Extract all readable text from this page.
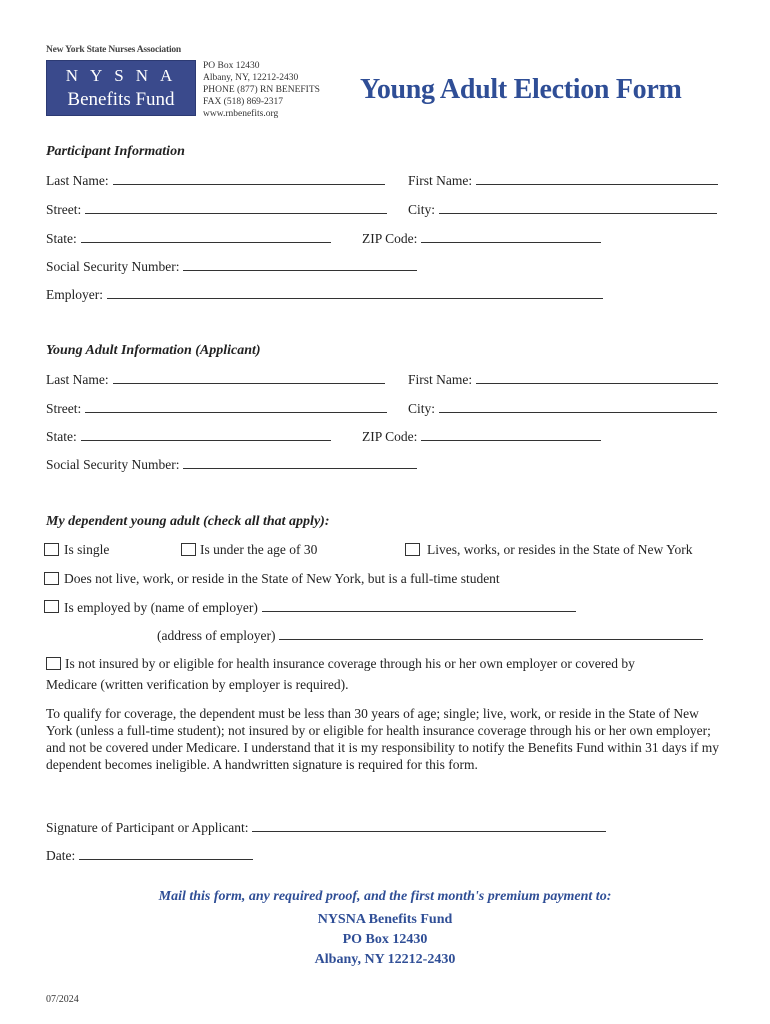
New York State Nurses Association
NYSNA
Benefits Fund
PO Box 12430
Albany, NY, 12212-2430
PHONE (877) RN BENEFITS
FAX (518) 869-2317
www.rnbenefits.org
Young Adult Election Form
Participant Information
Last Name:	First Name:
Street:	City:
State:	ZIP Code:
Social Security Number:
Employer:
Young Adult Information (Applicant)
Last Name:	First Name:
Street:	City:
State:	ZIP Code:
Social Security Number:
My dependent young adult (check all that apply):
Is single	Is under the age of 30	Lives, works, or resides in the State of New York
Does not live, work, or reside in the State of New York, but is a full-time student
Is employed by (name of employer)
(address of employer)
Is not insured by or eligible for health insurance coverage through his or her own employer or covered by
Medicare (written verification by employer is required).
To qualify for coverage, the dependent must be less than 30 years of age; single; live, work, or reside in the State of New York (unless a full-time student); not insured by or eligible for health insurance coverage through his or her own employer; and not be covered under Medicare. I understand that it is my responsibility to notify the Benefits Fund within 31 days if my dependent becomes ineligible. A handwritten signature is required for this form.
Signature of Participant or Applicant:
Date:
Mail this form, any required proof, and the first month's premium payment to:
NYSNA Benefits Fund
PO Box 12430
Albany, NY 12212-2430
07/2024
